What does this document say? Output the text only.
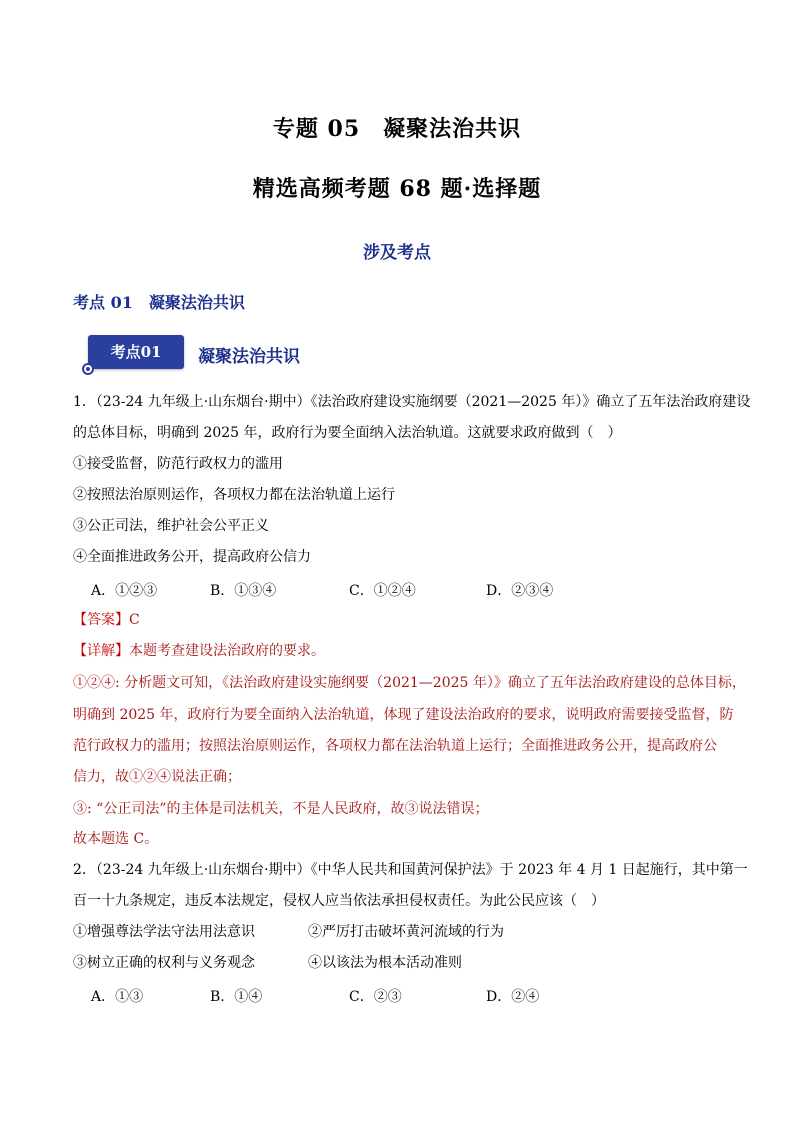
专题 05　凝聚法治共识
精选高频考题 68 题·选择题
涉及考点
考点 01 凝聚法治共识
考点01	凝聚法治共识
1．（23-24 九年级上·山东烟台·期中）《法治政府建设实施纲要（2021—2025 年）》确立了五年法治政府建设
的总体目标，明确到 2025 年，政府行为要全面纳入法治轨道。这就要求政府做到（　）
①接受监督，防范行政权力的滥用
②按照法治原则运作，各项权力都在法治轨道上运行
③公正司法，维护社会公平正义
④全面推进政务公开，提高政府公信力
A．①②③	B．①③④	C．①②④	D．②③④
【答案】C
【详解】本题考查建设法治政府的要求。
①②④: 分析题文可知，《法治政府建设实施纲要（2021—2025 年）》确立了五年法治政府建设的总体目标，
明确到 2025 年，政府行为要全面纳入法治轨道，体现了建设法治政府的要求，说明政府需要接受监督，防
范行政权力的滥用；按照法治原则运作，各项权力都在法治轨道上运行；全面推进政务公开，提高政府公
信力，故①②④说法正确；
③: “公正司法”的主体是司法机关，不是人民政府，故③说法错误；
故本题选 C。
2．（23-24 九年级上·山东烟台·期中）《中华人民共和国黄河保护法》于 2023 年 4 月 1 日起施行，其中第一
百一十九条规定，违反本法规定，侵权人应当依法承担侵权责任。为此公民应该（　）
①增强尊法学法守法用法意识	②严厉打击破坏黄河流域的行为
③树立正确的权利与义务观念	④以该法为根本活动准则
A．①③	B．①④	C．②③	D．②④
